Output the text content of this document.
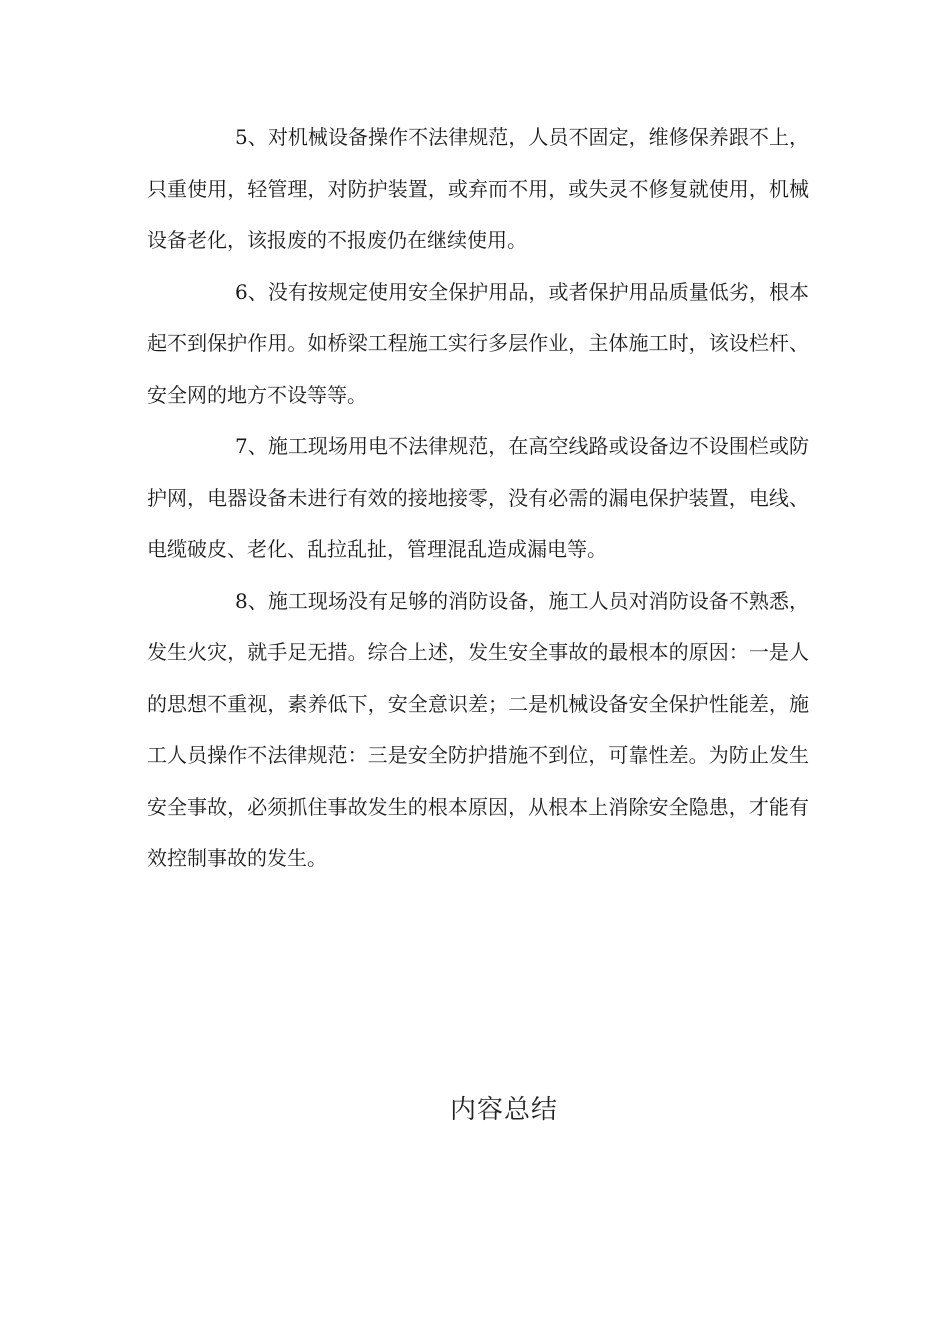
5、对机械设备操作不法律规范，人员不固定，维修保养跟不上，只重使用，轻管理，对防护装置，或弃而不用，或失灵不修复就使用，机械设备老化，该报废的不报废仍在继续使用。

6、没有按规定使用安全保护用品，或者保护用品质量低劣，根本起不到保护作用。如桥梁工程施工实行多层作业，主体施工时，该设栏杆、安全网的地方不设等等。

7、施工现场用电不法律规范，在高空线路或设备边不设围栏或防护网，电器设备未进行有效的接地接零，没有必需的漏电保护装置，电线、电缆破皮、老化、乱拉乱扯，管理混乱造成漏电等。

8、施工现场没有足够的消防设备，施工人员对消防设备不熟悉，发生火灾，就手足无措。综合上述，发生安全事故的最根本的原因：一是人的思想不重视，素养低下，安全意识差；二是机械设备安全保护性能差，施工人员操作不法律规范：三是安全防护措施不到位，可靠性差。为防止发生安全事故，必须抓住事故发生的根本原因，从根本上消除安全隐患，才能有效控制事故的发生。

内容总结
